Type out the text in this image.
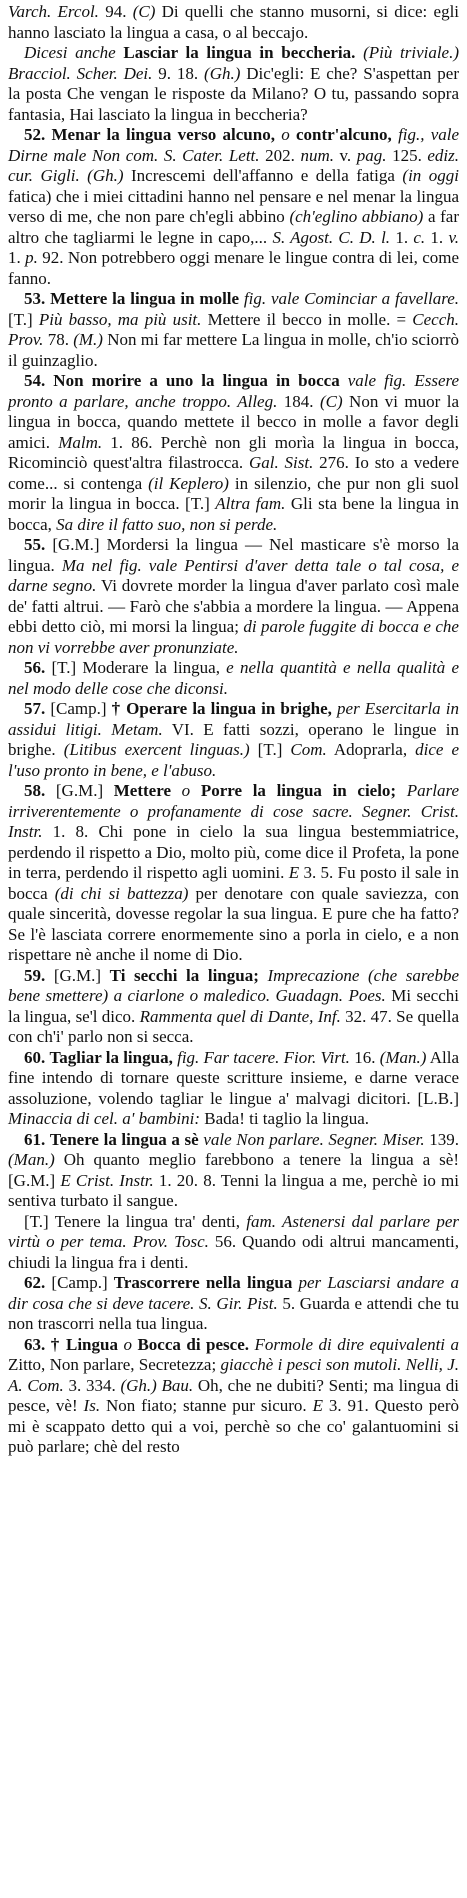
Varch. Ercol. 94. (C) Di quelli che stanno musorni, si dice: egli hanno lasciato la lingua a casa, o al beccajo.

Dicesi anche Lasciar la lingua in beccheria. (Più triviale.) Bracciol. Scher. Dei. 9. 18. (Gh.) Dic'egli: E che? S'aspettan per la posta Che vengan le risposte da Milano? O tu, passando sopra fantasia, Hai lasciato la lingua in beccheria?

52. Menar la lingua verso alcuno, o contr'alcuno, fig., vale Dirne male Non com. S. Cater. Lett. 202. num. v. pag. 125. ediz. cur. Gigli. (Gh.) Increscemi dell'affanno e della fatiga (in oggi fatica) che i miei cittadini hanno nel pensare e nel menar la lingua verso di me, che non pare ch'egli abbino (ch'eglino abbiano) a far altro che tagliarmi le legne in capo,... S. Agost. C. D. l. 1. c. 1. v. 1. p. 92. Non potrebbero oggi menare le lingue contra di lei, come fanno.

53. Mettere la lingua in molle fig. vale Cominciar a favellare. [T.] Più basso, ma più usit. Mettere il becco in molle. = Cecch. Prov. 78. (M.) Non mi far mettere La lingua in molle, ch'io sciorrò il guinzaglio.

54. Non morire a uno la lingua in bocca vale fig. Essere pronto a parlare, anche troppo. Alleg. 184. (C) Non vi muor la lingua in bocca, quando mettete il becco in molle a favor degli amici. Malm. 1. 86. Perchè non gli morìa la lingua in bocca, Ricominciò quest'altra filastrocca. Gal. Sist. 276. Io sto a vedere come... si contenga (il Keplero) in silenzio, che pur non gli suol morir la lingua in bocca. [T.] Altra fam. Gli sta bene la lingua in bocca, Sa dire il fatto suo, non si perde.

55. [G.M.] Mordersi la lingua — Nel masticare s'è morso la lingua. Ma nel fig. vale Pentirsi d'aver detta tale o tal cosa, e darne segno. Vi dovrete morder la lingua d'aver parlato così male de' fatti altrui. — Farò che s'abbia a mordere la lingua. — Appena ebbi detto ciò, mi morsi la lingua; di parole fuggite di bocca e che non vi vorrebbe aver pronunziate.

56. [T.] Moderare la lingua, e nella quantità e nella qualità e nel modo delle cose che diconsi.

57. [Camp.] † Operare la lingua in brighe, per Esercitarla in assidui litigi. Metam. VI. E fatti sozzi, operano le lingue in brighe. (Litibus exercent linguas.) [T.] Com. Adoprarla, dice e l'uso pronto in bene, e l'abuso.

58. [G.M.] Mettere o Porre la lingua in cielo; Parlare irriverentemente o profanamente di cose sacre. Segner. Crist. Instr. 1. 8. Chi pone in cielo la sua lingua bestemmiatrice, perdendo il rispetto a Dio, molto più, come dice il Profeta, la pone in terra, perdendo il rispetto agli uomini. E 3. 5. Fu posto il sale in bocca (di chi si battezza) per denotare con quale saviezza, con quale sincerità, dovesse regolar la sua lingua. E pure che ha fatto? Se l'è lasciata correre enormemente sino a porla in cielo, e a non rispettare nè anche il nome di Dio.

59. [G.M.] Ti secchi la lingua; Imprecazione (che sarebbe bene smettere) a ciarlone o maledico. Guadagn. Poes. Mi secchi la lingua, se'l dico. Rammenta quel di Dante, Inf. 32. 47. Se quella con ch'i' parlo non si secca.

60. Tagliar la lingua, fig. Far tacere. Fior. Virt. 16. (Man.) Alla fine intendo di tornare queste scritture insieme, e darne verace assoluzione, volendo tagliar le lingue a' malvagi dicitori. [L.B.] Minaccia di cel. a' bambini: Bada! ti taglio la lingua.

61. Tenere la lingua a sè vale Non parlare. Segner. Miser. 139. (Man.) Oh quanto meglio farebbono a tenere la lingua a sè! [G.M.] E Crist. Instr. 1. 20. 8. Tenni la lingua a me, perchè io mi sentiva turbato il sangue.

[T.] Tenere la lingua tra' denti, fam. Astenersi dal parlare per virtù o per tema. Prov. Tosc. 56. Quando odi altrui mancamenti, chiudi la lingua fra i denti.

62. [Camp.] Trascorrere nella lingua per Lasciarsi andare a dir cosa che si deve tacere. S. Gir. Pist. 5. Guarda e attendi che tu non trascorri nella tua lingua.

63. † Lingua o Bocca di pesce. Formole di dire equivalenti a Zitto, Non parlare, Secretezza; giacchè i pesci son mutoli. Nelli, J. A. Com. 3. 334. (Gh.) Bau. Oh, che ne dubiti? Senti; ma lingua di pesce, vè! Is. Non fiato; stanne pur sicuro. E 3. 91. Questo però mi è scappato detto qui a voi, perchè so che co' galantuomini si può parlare; chè del resto
